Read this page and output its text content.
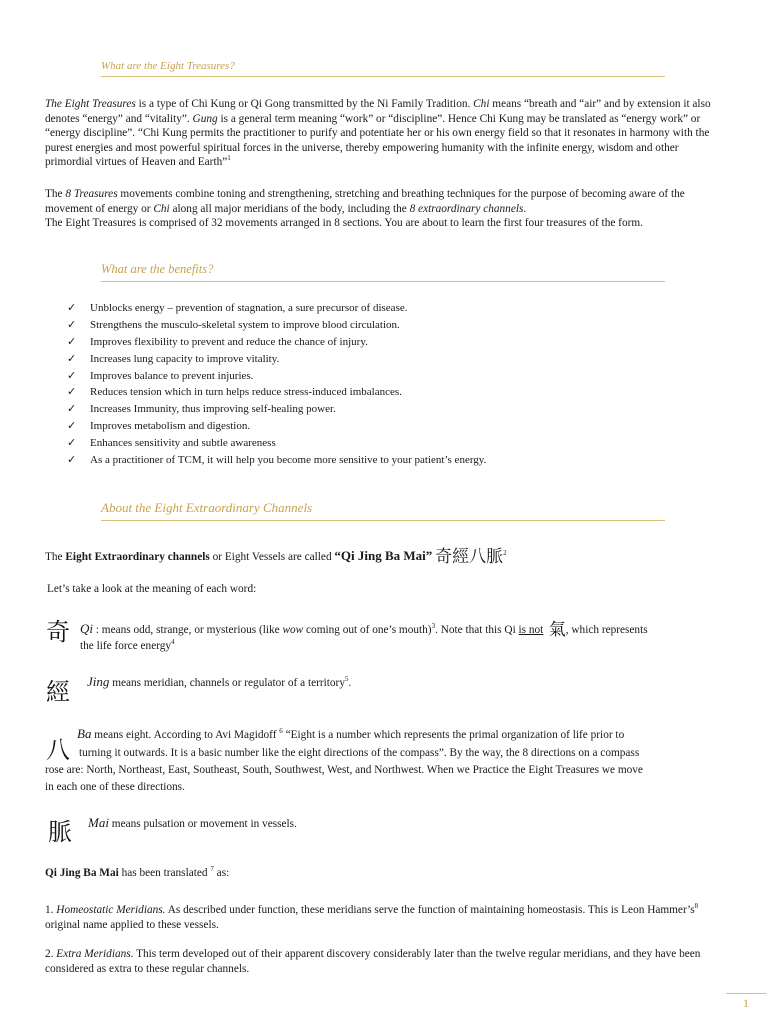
What are the Eight Treasures?

The Eight Treasures is a type of Chi Kung or Qi Gong transmitted by the Ni Family Tradition. Chi means “breath and “air” and by extension it also denotes “energy” and “vitality”. Gung is a general term meaning “work” or “discipline”. Hence Chi Kung may be translated as “energy work” or “energy discipline”. “Chi Kung permits the practitioner to purify and potentiate her or his own energy field so that it resonates in harmony with the purest energies and most powerful spiritual forces in the universe, thereby empowering humanity with the infinite energy, wisdom and other primordial virtues of Heaven and Earth”$^1$

The 8 Treasures movements combine toning and strengthening, stretching and breathing techniques for the purpose of becoming aware of the movement of energy or Chi along all major meridians of the body, including the 8 extraordinary channels.
The Eight Treasures is comprised of 32 movements arranged in 8 sections. You are about to learn the first four treasures of the form.

What are the benefits?
✓ Unblocks energy – prevention of stagnation, a sure precursor of disease.
✓ Strengthens the musculo-skeletal system to improve blood circulation.
✓ Improves flexibility to prevent and reduce the chance of injury.
✓ Increases lung capacity to improve vitality.
✓ Improves balance to prevent injuries.
✓ Reduces tension which in turn helps reduce stress-induced imbalances.
✓ Increases Immunity, thus improving self-healing power.
✓ Improves metabolism and digestion.
✓ Enhances sensitivity and subtle awareness
✓ As a practitioner of TCM, it will help you become more sensitive to your patient’s energy.
About the Eight Extraordinary Channels
The Eight Extraordinary channels or Eight Vessels are called “Qi Jing Ba Mai” 奇經八脈$^2$
Let’s take a look at the meaning of each word:
奇 Qi : means odd, strange, or mysterious (like wow coming out of one’s mouth)$^3$. Note that this Qi is not 氣, which represents
the life force energy$^4$
經 Jing means meridian, channels or regulator of a territory$^5$.
八
Ba means eight. According to Avi Magidoff $^6$ “Eight is a number which represents the primal organization of life prior to
turning it outwards. It is a basic number like the eight directions of the compass”. By the way, the 8 directions on a compass
rose are: North, Northeast, East, Southeast, South, Southwest, West, and Northwest. When we Practice the Eight Treasures we move
in each one of these directions.
脈 Mai means pulsation or movement in vessels.
Qi Jing Ba Mai has been translated $^7$ as:

1. Homeostatic Meridians. As described under function, these meridians serve the function of maintaining homeostasis. This is Leon $Hammer’s^8$ original name applied to these vessels.

2. Extra Meridians. This term developed out of their apparent discovery considerably later than the twelve regular meridians, and they have been considered as extra to these regular channels.

1
